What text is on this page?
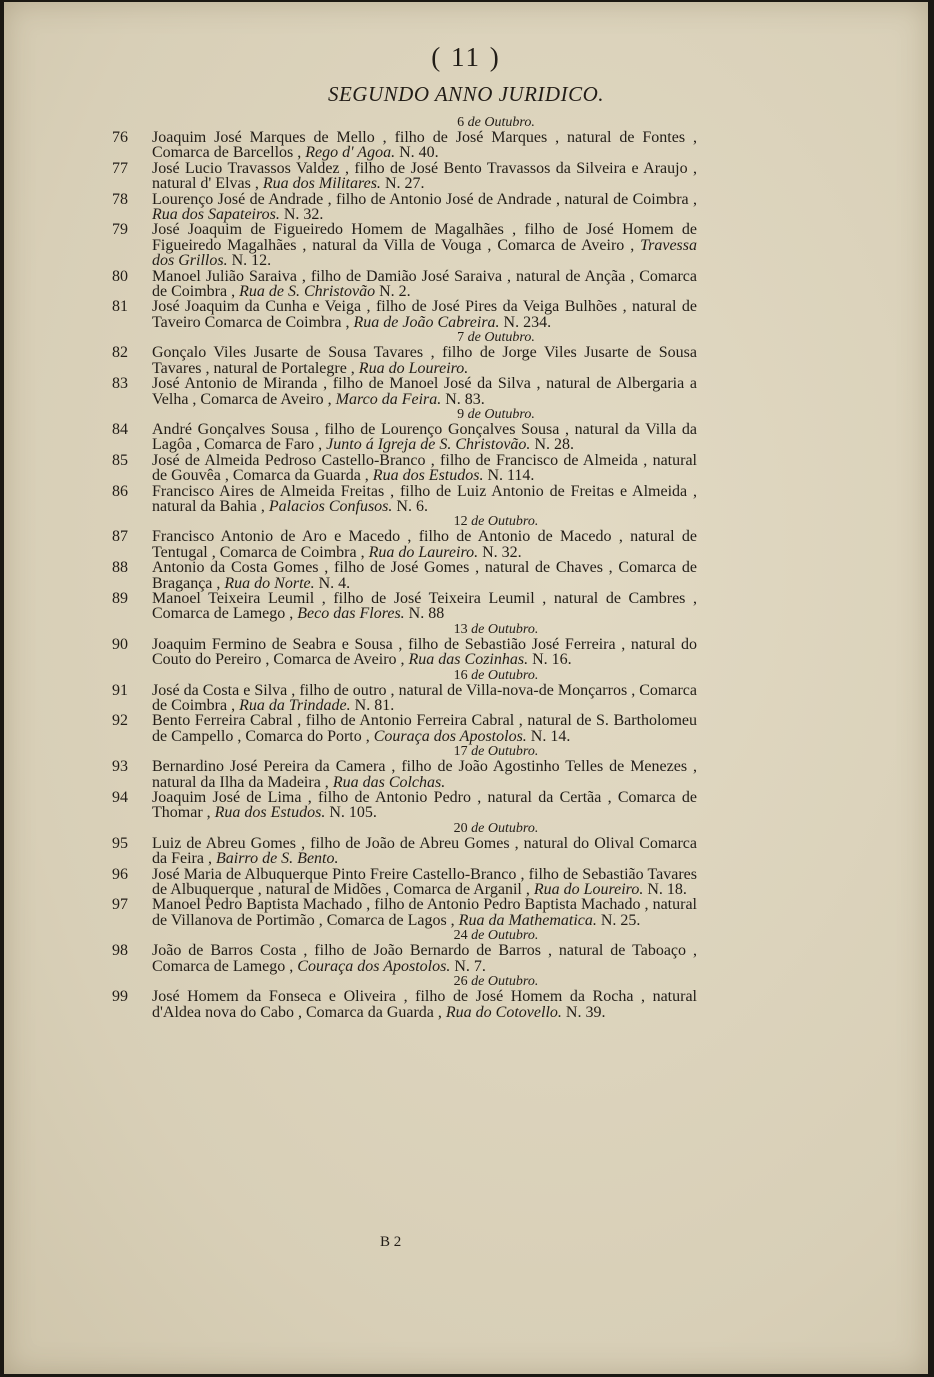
( 11 )
SEGUNDO ANNO JURIDICO.
6 de Outubro.
76 Joaquim José Marques de Mello , filho de José Marques , natural de Fontes , Comarca de Barcellos , Rego d' Agoa. N. 40.
77 José Lucio Travassos Valdez , filho de José Bento Travassos da Silveira e Araujo , natural d' Elvas , Rua dos Militares. N. 27.
78 Lourenço José de Andrade , filho de Antonio José de Andrade , natural de Coimbra , Rua dos Sapateiros. N. 32.
79 José Joaquim de Figueiredo Homem de Magalhães , filho de José Homem de Figueiredo Magalhães , natural da Villa de Vouga , Comarca de Aveiro , Travessa dos Grillos. N. 12.
80 Manoel Julião Saraiva , filho de Damião José Saraiva , natural de Ançãa , Comarca de Coimbra , Rua de S. Christovão N. 2.
81 José Joaquim da Cunha e Veiga , filho de José Pires da Veiga Bulhões , natural de Taveiro Comarca de Coimbra , Rua de João Cabreira. N. 234.
7 de Outubro.
82 Gonçalo Viles Jusarte de Sousa Tavares , filho de Jorge Viles Jusarte de Sousa Tavares , natural de Portalegre , Rua do Loureiro.
83 José Antonio de Miranda , filho de Manoel José da Silva , natural de Albergaria a Velha , Comarca de Aveiro , Marco da Feira. N. 83.
9 de Outubro.
84 André Gonçalves Sousa , filho de Lourenço Gonçalves Sousa , natural da Villa da Lagôa , Comarca de Faro , Junto á Igreja de S. Christovão. N. 28.
85 José de Almeida Pedroso Castello-Branco , filho de Francisco de Almeida , natural de Gouvêa , Comarca da Guarda , Rua dos Estudos. N. 114.
86 Francisco Aires de Almeida Freitas , filho de Luiz Antonio de Freitas e Almeida , natural da Bahia , Palacios Confusos. N. 6.
12 de Outubro.
87 Francisco Antonio de Aro e Macedo , filho de Antonio de Macedo , natural de Tentugal , Comarca de Coimbra , Rua do Laureiro. N. 32.
88 Antonio da Costa Gomes , filho de José Gomes , natural de Chaves , Comarca de Bragança , Rua do Norte. N. 4.
89 Manoel Teixeira Leumil , filho de José Teixeira Leumil , natural de Cambres , Comarca de Lamego , Beco das Flores. N. 88
13 de Outubro.
90 Joaquim Fermino de Seabra e Sousa , filho de Sebastião José Ferreira , natural do Couto do Pereiro , Comarca de Aveiro , Rua das Cozinhas. N. 16.
16 de Outubro.
91 José da Costa e Silva , filho de outro , natural de Villa-nova-de Monçarros , Comarca de Coimbra , Rua da Trindade. N. 81.
92 Bento Ferreira Cabral , filho de Antonio Ferreira Cabral , natural de S. Bartholomeu de Campello , Comarca do Porto , Couraça dos Apostolos. N. 14.
17 de Outubro.
93 Bernardino José Pereira da Camera , filho de João Agostinho Telles de Menezes , natural da Ilha da Madeira , Rua das Colchas.
94 Joaquim José de Lima , filho de Antonio Pedro , natural da Certãa , Comarca de Thomar , Rua dos Estudos. N. 105.
20 de Outubro.
95 Luiz de Abreu Gomes , filho de João de Abreu Gomes , natural do Olival Comarca da Feira , Bairro de S. Bento.
96 José Maria de Albuquerque Pinto Freire Castello-Branco , filho de Sebastião Tavares de Albuquerque , natural de Midões , Comarca de Arganil , Rua do Loureiro. N. 18.
97 Manoel Pedro Baptista Machado , filho de Antonio Pedro Baptista Machado , natural de Villanova de Portimão , Comarca de Lagos , Rua da Mathematica. N. 25.
24 de Outubro.
98 João de Barros Costa , filho de João Bernardo de Barros , natural de Taboaço , Comarca de Lamego , Couraça dos Apostolos. N. 7.
26 de Outubro.
99 José Homem da Fonseca e Oliveira , filho de José Homem da Rocha , natural d'Aldea nova do Cabo , Comarca da Guarda , Rua do Cotovello. N. 39.
B 2
